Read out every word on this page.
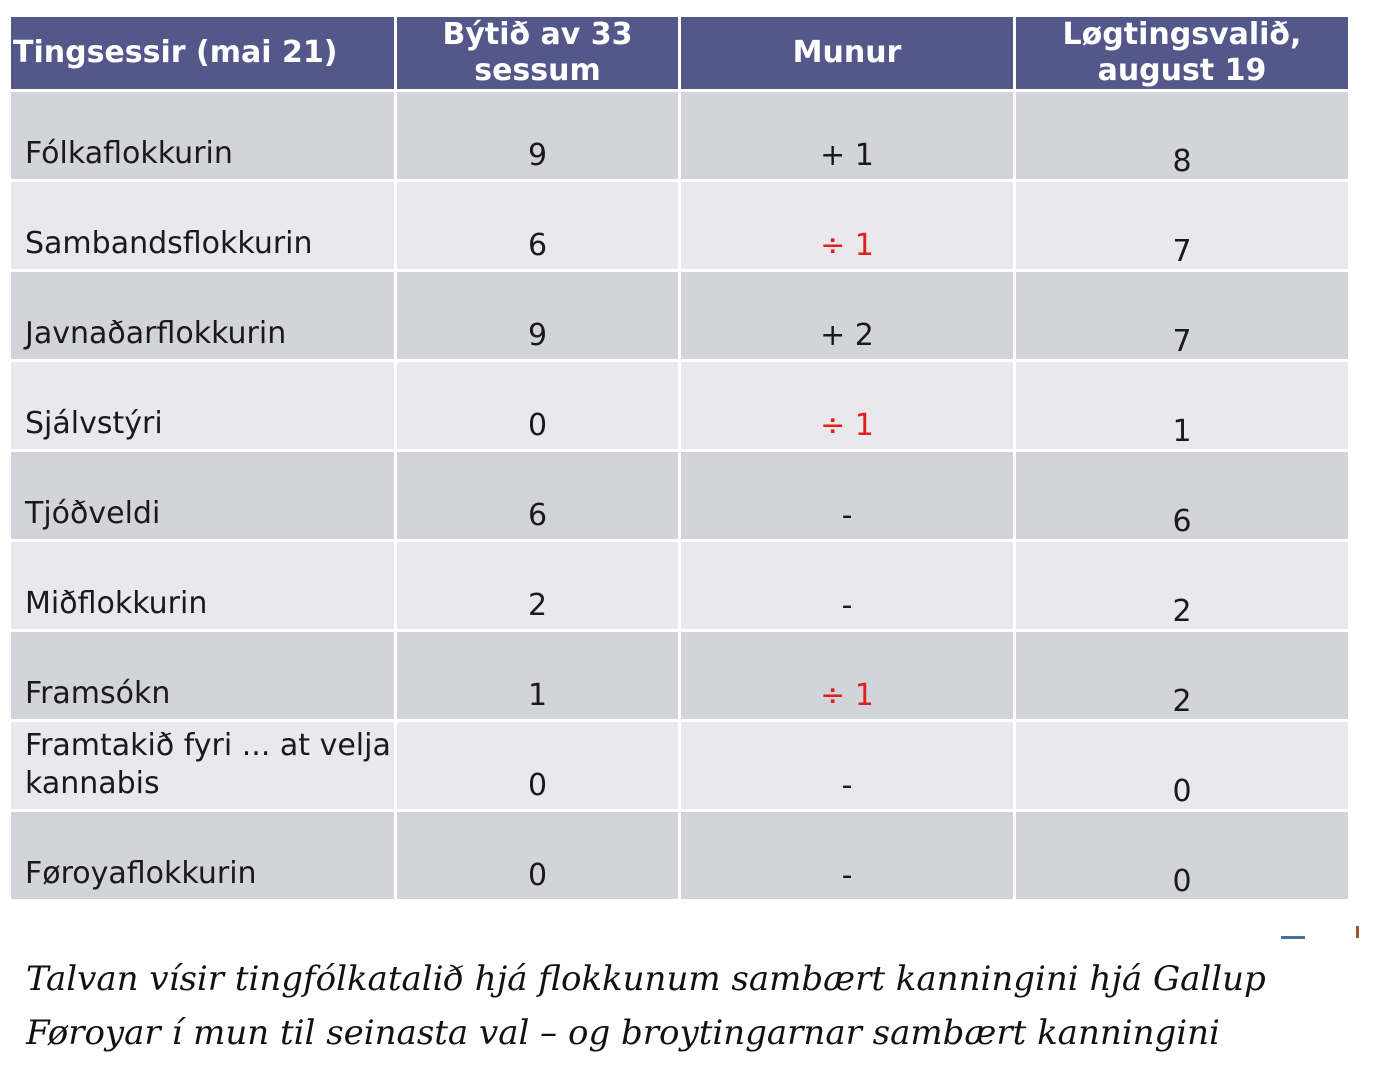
Tingsessir (mai 21)	Býtið av 33 sessum	Munur	Løgtingsvalið, august 19

Fólkaflokkurin	9	+ 1	8

Sambandsflokkurin	6	÷ 1	7

Javnaðarflokkurin	9	+ 2	7

Sjálvstýri	0	÷ 1	1

Tjóðveldi	6	-	6

Miðflokkurin	2	-	2

Framsókn	1	÷ 1	2

Framtakið fyri ... at velja kannabis	0	-	0

Føroyaflokkurin	0	-	0
Talvan vísir tingfólkatalið hjá flokkunum sambært kanningini hjá Gallup
Føroyar í mun til seinasta val – og broytingarnar sambært kanningini
